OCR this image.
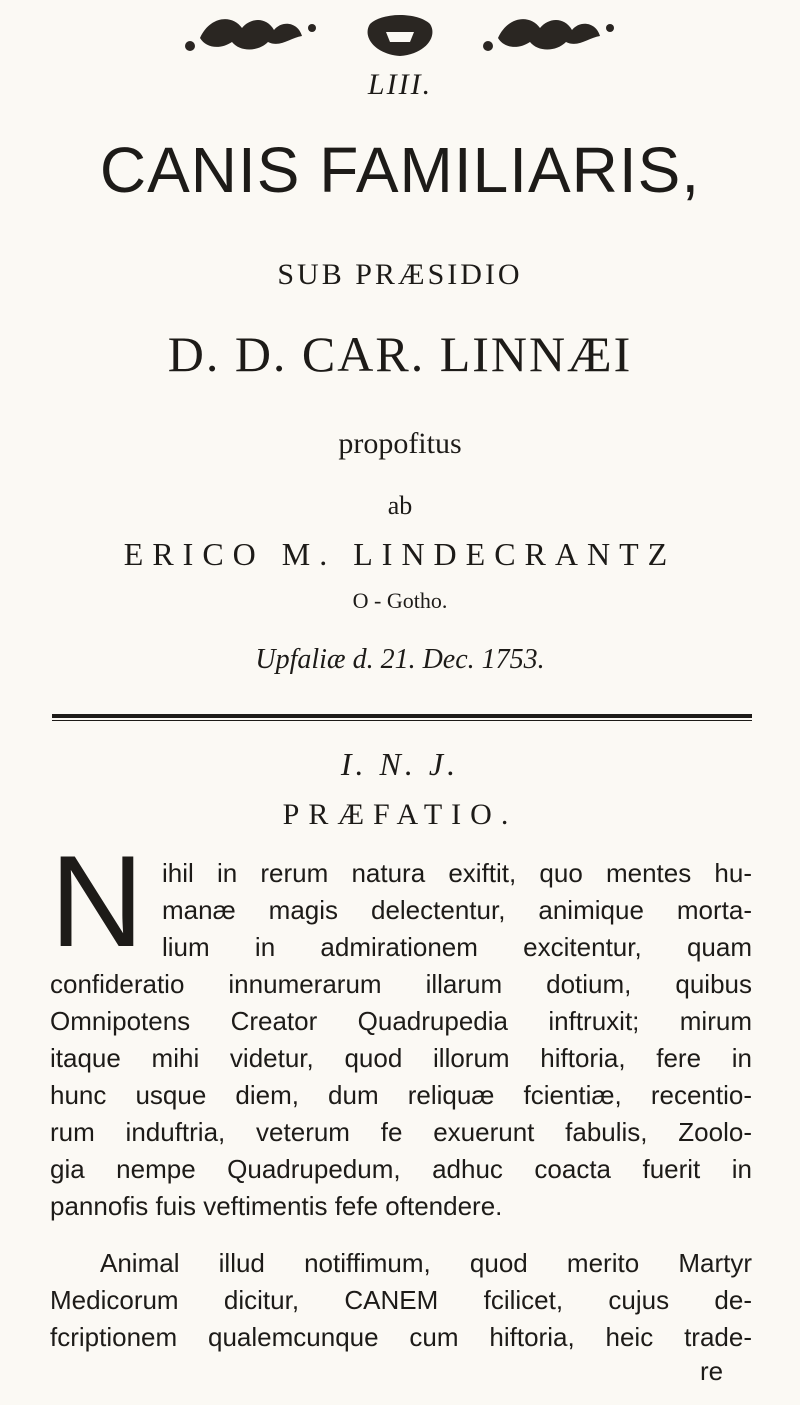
LIII.
CANIS FAMILIARIS,
SUB PRÆSIDIO
D. D. CAR. LINNÆI
propofitus
ab
ERICO M. LINDECRANTZ
O - Gotho.
Upfaliæ d. 21. Dec. 1753.
I. N. J.
PRÆFATIO.
N ihil in rerum natura exiftit, quo mentes hu-
manæ magis delectentur, animique morta-
lium in admirationem excitentur, quam
confideratio innumerarum illarum dotium, quibus
Omnipotens Creator Quadrupedia inftruxit; mirum
itaque mihi videtur, quod illorum hiftoria, fere in
hunc usque diem, dum reliquæ fcientiæ, recentio-
rum induftria, veterum fe exuerunt fabulis, Zoolo-
gia nempe Quadrupedum, adhuc coacta fuerit in
pannofis fuis veftimentis fefe oftendere.
Animal illud notiffimum, quod merito Martyr
Medicorum dicitur, CANEM fcilicet, cujus de-
fcriptionem qualemcunque cum hiftoria, heic trade-
re
